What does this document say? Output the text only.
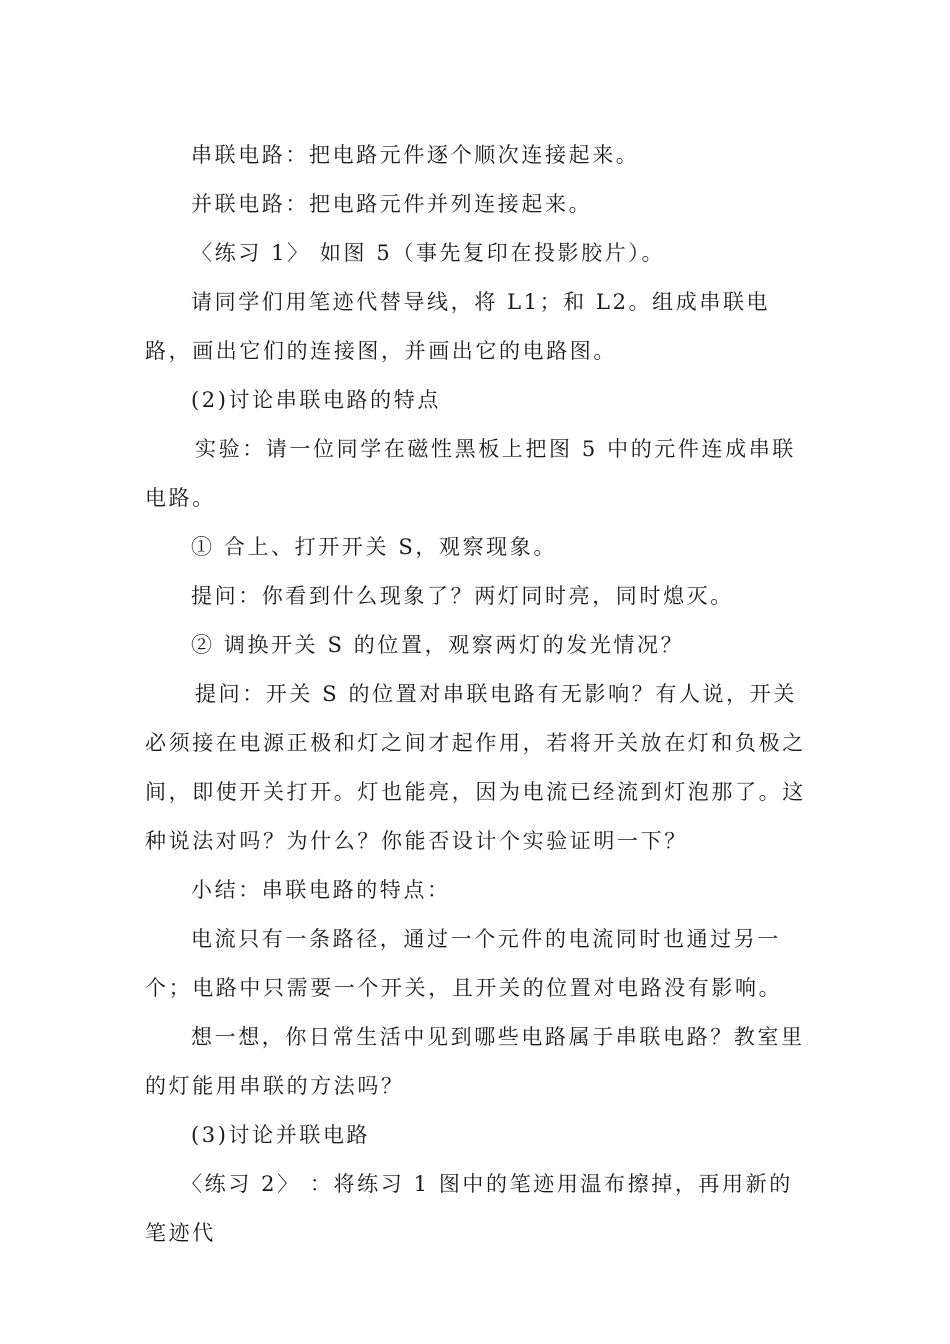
串联电路：把电路元件逐个顺次连接起来。

并联电路：把电路元件并列连接起来。

〈练习 1〉 如图 5（事先复印在投影胶片）。

请同学们用笔迹代替导线，将 L1；和 L2。组成串联电路，画出它们的连接图，并画出它的电路图。

(2)讨论串联电路的特点

实验：请一位同学在磁性黑板上把图 5 中的元件连成串联电路。

① 合上、打开开关 S，观察现象。

提问：你看到什么现象了？两灯同时亮，同时熄灭。

② 调换开关 S 的位置，观察两灯的发光情况？

提问：开关 S 的位置对串联电路有无影响？有人说，开关必须接在电源正极和灯之间才起作用，若将开关放在灯和负极之间，即使开关打开。灯也能亮，因为电流已经流到灯泡那了。这种说法对吗？为什么？你能否设计个实验证明一下？

小结：串联电路的特点：

电流只有一条路径，通过一个元件的电流同时也通过另一个；电路中只需要一个开关，且开关的位置对电路没有影响。

想一想，你日常生活中见到哪些电路属于串联电路？教室里的灯能用串联的方法吗？

(3)讨论并联电路

〈练习 2〉 ：将练习 1 图中的笔迹用温布擦掉，再用新的笔迹代
